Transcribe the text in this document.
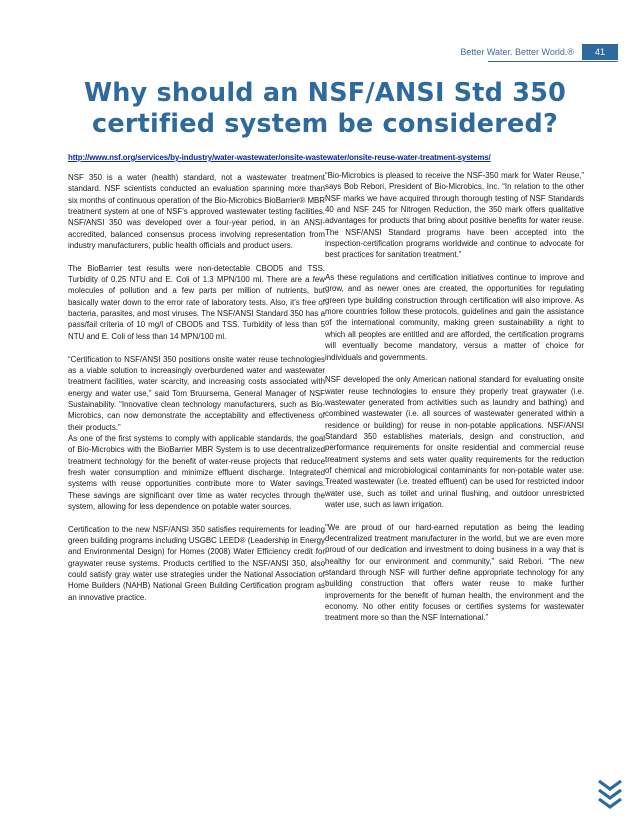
Better Water. Better World.®	41
Why should an NSF/ANSI Std 350 certified system be considered?
http://www.nsf.org/services/by-industry/water-wastewater/onsite-wastewater/onsite-reuse-water-treatment-systems/

NSF 350 is a water (health) standard, not a wastewater treatment standard. NSF scientists conducted an evaluation spanning more than six months of continuous operation of the Bio-Microbics BioBarrier® MBR treatment system at one of NSF's approved wastewater testing facilities. NSF/ANSI 350 was developed over a four-year period, in an ANSI-accredited, balanced consensus process involving representation from industry manufacturers, public health officials and product users.

The BioBarrier test results were non-detectable CBOD5 and TSS. Turbidity of 0.25 NTU and E. Coli of 1.3 MPN/100 ml. There are a few molecules of pollution and a few parts per million of nutrients, but basically water down to the error rate of laboratory tests. Also, it's free of bacteria, parasites, and most viruses. The NSF/ANSI Standard 350 has a pass/fail criteria of 10 mg/l of CBOD5 and TSS. Turbidity of less than 5 NTU and E. Coli of less than 14 MPN/100 ml.

“Certification to NSF/ANSI 350 positions onsite water reuse technologies as a viable solution to increasingly overburdened water and wastewater treatment facilities, water scarcity, and increasing costs associated with energy and water use,” said Tom Bruursema, General Manager of NSF Sustainability. “Innovative clean technology manufacturers, such as Bio-Microbics, can now demonstrate the acceptability and effectiveness of their products.”

As one of the first systems to comply with applicable standards, the goal of Bio-Microbics with the BioBarrier MBR System is to use decentralized treatment technology for the benefit of water-reuse projects that reduce fresh water consumption and minimize effluent discharge. Integrated systems with reuse opportunities contribute more to Water savings. These savings are significant over time as water recycles through the system, allowing for less dependence on potable water sources.

Certification to the new NSF/ANSI 350 satisfies requirements for leading green building programs including USGBC LEED® (Leadership in Energy and Environmental Design) for Homes (2008) Water Efficiency credit for graywater reuse systems. Products certified to the NSF/ANSI 350, also could satisfy gray water use strategies under the National Association of Home Builders (NAHB) National Green Building Certification program as an innovative practice.

“Bio-Microbics is pleased to receive the NSF-350 mark for Water Reuse,” says Bob Rebori, President of Bio-Microbics, Inc. “In relation to the other NSF marks we have acquired through thorough testing of NSF Standards 40 and NSF 245 for Nitrogen Reduction, the 350 mark offers qualitative advantages for products that bring about positive benefits for water reuse. The NSF/ANSI Standard programs have been accepted into the inspection-certification programs worldwide and continue to advocate for best practices for sanitation treatment.”

As these regulations and certification initiatives continue to improve and grow, and as newer ones are created, the opportunities for regulating green type building construction through certification will also improve. As more countries follow these protocols, guidelines and gain the assistance of the international community, making green sustainability a right to which all peoples are entitled and are afforded, the certification programs will eventually become mandatory, versus a matter of choice for individuals and governments.

NSF developed the only American national standard for evaluating onsite water reuse technologies to ensure they properly treat graywater (i.e. wastewater generated from activities such as laundry and bathing) and combined wastewater (i.e. all sources of wastewater generated within a residence or building) for reuse in non-potable applications. NSF/ANSI Standard 350 establishes materials, design and construction, and performance requirements for onsite residential and commercial reuse treatment systems and sets water quality requirements for the reduction of chemical and microbiological contaminants for non-potable water use. Treated wastewater (i.e. treated effluent) can be used for restricted indoor water use, such as toilet and urinal flushing, and outdoor unrestricted water use, such as lawn irrigation.

"We are proud of our hard-earned reputation as being the leading decentralized treatment manufacturer in the world, but we are even more proud of our dedication and investment to doing business in a way that is healthy for our environment and community,” said Rebori. “The new standard through NSF will further define appropriate technology for any building construction that offers water reuse to make further improvements for the benefit of human health, the environment and the economy. No other entity focuses or certifies systems for wastewater treatment more so than the NSF International.”
